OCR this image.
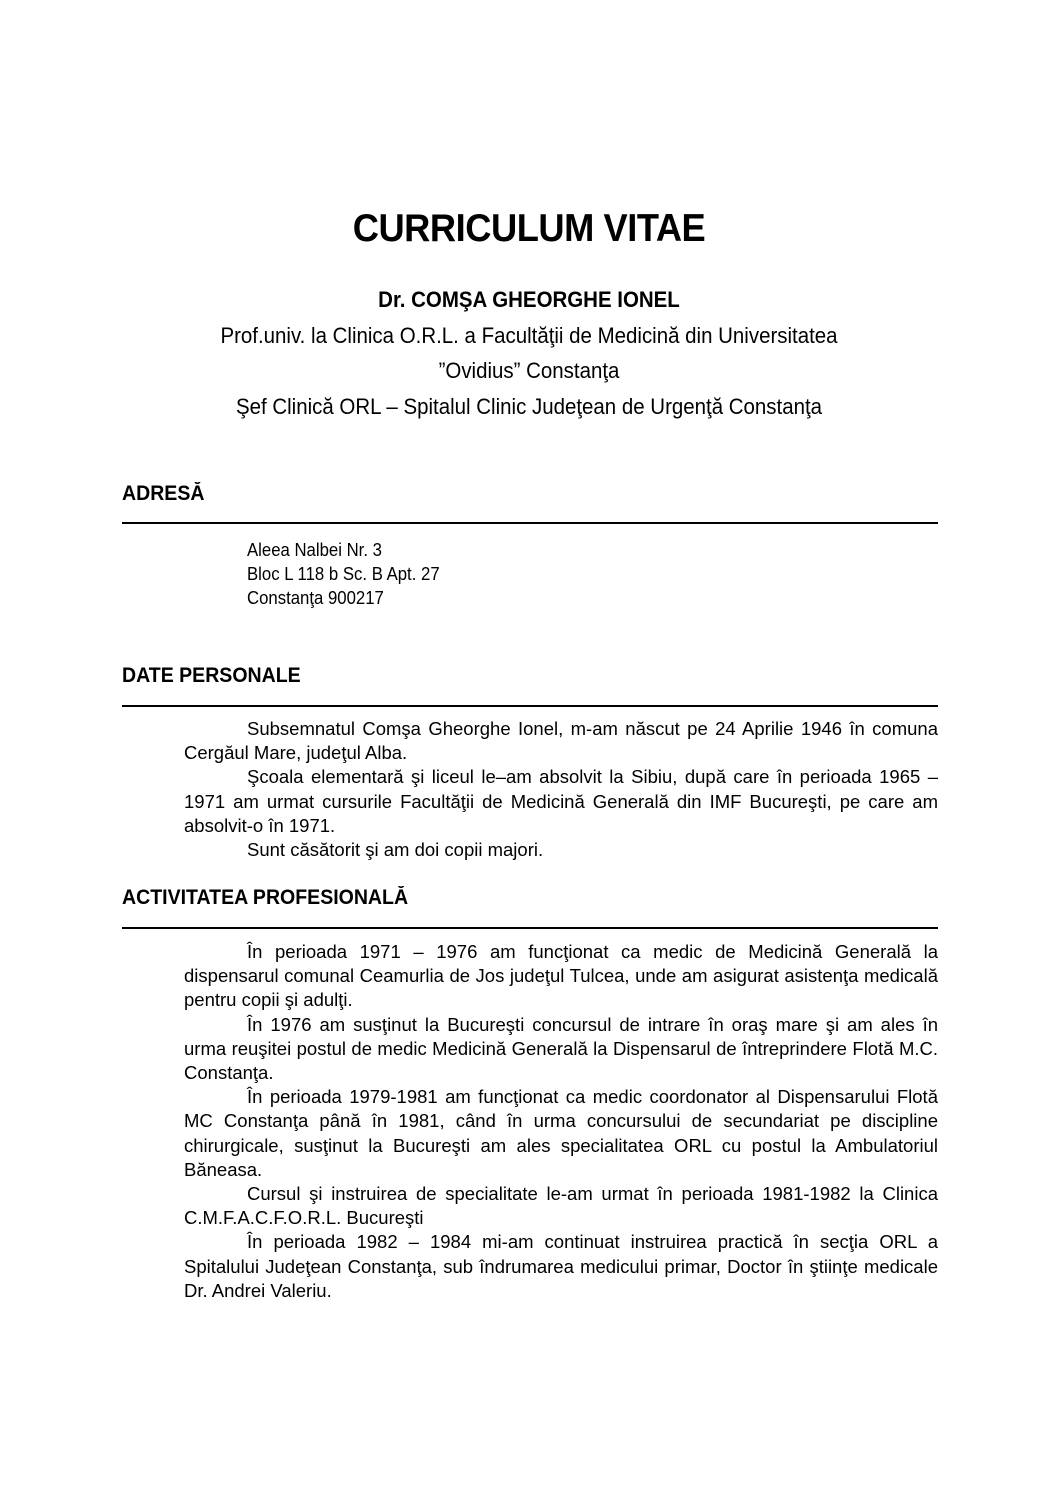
CURRICULUM VITAE
Dr. COMŞA GHEORGHE IONEL
Prof.univ. la Clinica O.R.L. a Facultăţii de Medicină din Universitatea
”Ovidius” Constanţa
Şef Clinică ORL – Spitalul Clinic Judeţean de Urgenţă Constanţa
ADRESĂ
Aleea Nalbei Nr. 3
Bloc L 118 b Sc. B Apt. 27
Constanţa 900217
DATE PERSONALE

Subsemnatul Comşa Gheorghe Ionel, m-am născut pe 24 Aprilie 1946 în comuna Cergăul Mare, judeţul Alba.

Şcoala elementară şi liceul le–am absolvit la Sibiu, după care în perioada 1965 – 1971 am urmat cursurile Facultăţii de Medicină Generală din IMF Bucureşti, pe care am absolvit-o în 1971.

Sunt căsătorit şi am doi copii majori.

ACTIVITATEA PROFESIONALĂ

În perioada 1971 – 1976 am funcţionat ca medic de Medicină Generală la dispensarul comunal Ceamurlia de Jos judeţul Tulcea, unde am asigurat asistenţa medicală pentru copii şi adulţi.

În 1976 am susţinut la Bucureşti concursul de intrare în oraş mare şi am ales în urma reuşitei postul de medic Medicină Generală la Dispensarul de întreprindere Flotă M.C. Constanţa.

În perioada 1979-1981 am funcţionat ca medic coordonator al Dispensarului Flotă MC Constanţa până în 1981, când în urma concursului de secundariat pe discipline chirurgicale, susţinut la Bucureşti am ales specialitatea ORL cu postul la Ambulatoriul Băneasa.

Cursul şi instruirea de specialitate le-am urmat în perioada 1981-1982 la Clinica C.M.F.A.C.F.O.R.L. Bucureşti

În perioada 1982 – 1984 mi-am continuat instruirea practică în secţia ORL a Spitalului Judeţean Constanţa, sub îndrumarea medicului primar, Doctor în ştiinţe medicale Dr. Andrei Valeriu.
